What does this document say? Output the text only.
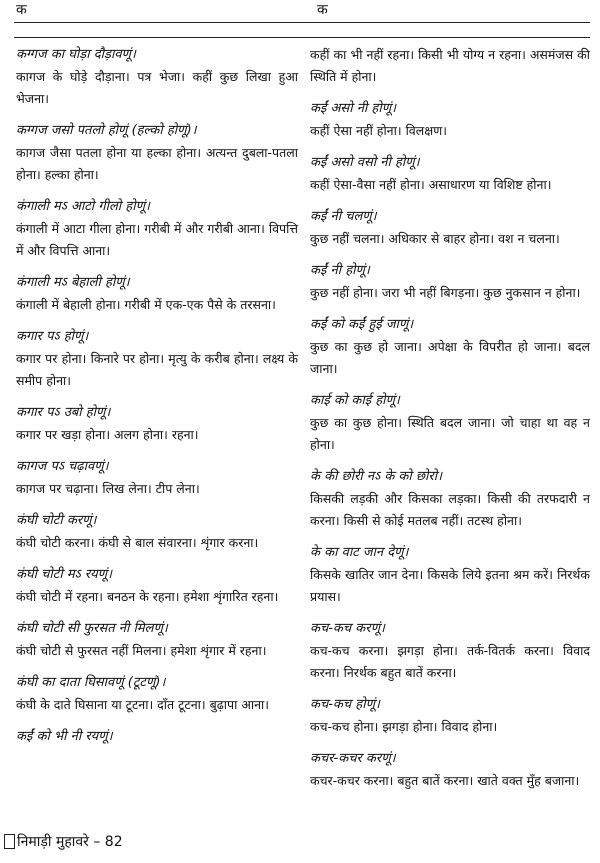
क	क

कग्गज का घोड़ा दौड़ावणूं।

कागज के घोड़े दौड़ाना। पत्र भेजा। कहीं कुछ लिखा हुआ भेजना।

कग्गज जसो पतलो होणूं (हल्को होणूं)।

कागज जैसा पतला होना या हल्का होना। अत्यन्त दुबला-पतला होना। हल्का होना।

कंगाली मऽ आटो गीलो होणूं।

कंगाली में आटा गीला होना। गरीबी में और गरीबी आना। विपत्ति में और विपत्ति आना।

कंगाली मऽ बेहाली होणूं।

कंगाली में बेहाली होना। गरीबी में एक-एक पैसे के तरसना।

कगार पऽ होणूं।

कगार पर होना। किनारे पर होना। मृत्यु के करीब होना। लक्ष्य के समीप होना।

कगार पऽ उबो होणूं।

कगार पर खड़ा होना। अलग होना। रहना।

कागज पऽ चढ़ावणूं।

कागज पर चढ़ाना। लिख लेना। टीप लेना।

कंघी चोटी करणूं।

कंघी चोटी करना। कंघी से बाल संवारना। शृंगार करना।

कंघी चोटी मऽ रयणूं।

कंघी चोटी में रहना। बनठन के रहना। हमेशा शृंगारित रहना।

कंघी चोटी सी फुरसत नी मिलणूं।

कंघी चोटी से फुरसत नहीं मिलना। हमेशा शृंगार में रहना।

कंघी का दाता घिसावणूं (टूटणूं)।

कंघी के दाते घिसाना या टूटना। दाँत टूटना। बुढ़ापा आना।

कईं को भी नी रयणूं।

कहीं का भी नहीं रहना। किसी भी योग्य न रहना। असमंजस की स्थिति में होना।

कईं असो नी होणूं।

कहीं ऐसा नहीं होना। विलक्षण।

कईं असो वसो नी होणूं।

कहीं ऐसा-वैसा नहीं होना। असाधारण या विशिष्ट होना।

कईं नी चलणूं।

कुछ नहीं चलना। अधिकार से बाहर होना। वश न चलना।

कईं नी होणूं।

कुछ नहीं होना। जरा भी नहीं बिगड़ना। कुछ नुकसान न होना।

कईं को कईं हुई जाणूं।

कुछ का कुछ हो जाना। अपेक्षा के विपरीत हो जाना। बदल जाना।

काई को काई होणूं।

कुछ का कुछ होना। स्थिति बदल जाना। जो चाहा था वह न होना।

के की छोरी नऽ के को छोरो।

किसकी लड़की और किसका लड़का। किसी की तरफदारी न करना। किसी से कोई मतलब नहीं। तटस्थ होना।

के का वाट जान देणूं।

किसके खातिर जान देना। किसके लिये इतना श्रम करें। निरर्थक प्रयास।

कच-कच करणूं।

कच-कच करना। झगड़ा होना। तर्क-वितर्क करना। विवाद करना। निरर्थक बहुत बातें करना।

कच-कच होणूं।

कच-कच होना। झगड़ा होना। विवाद होना।

कचर-कचर करणूं।

कचर-कचर करना। बहुत बातें करना। खाते वक्त मुँह बजाना।

निमाड़ी मुहावरे – 82
